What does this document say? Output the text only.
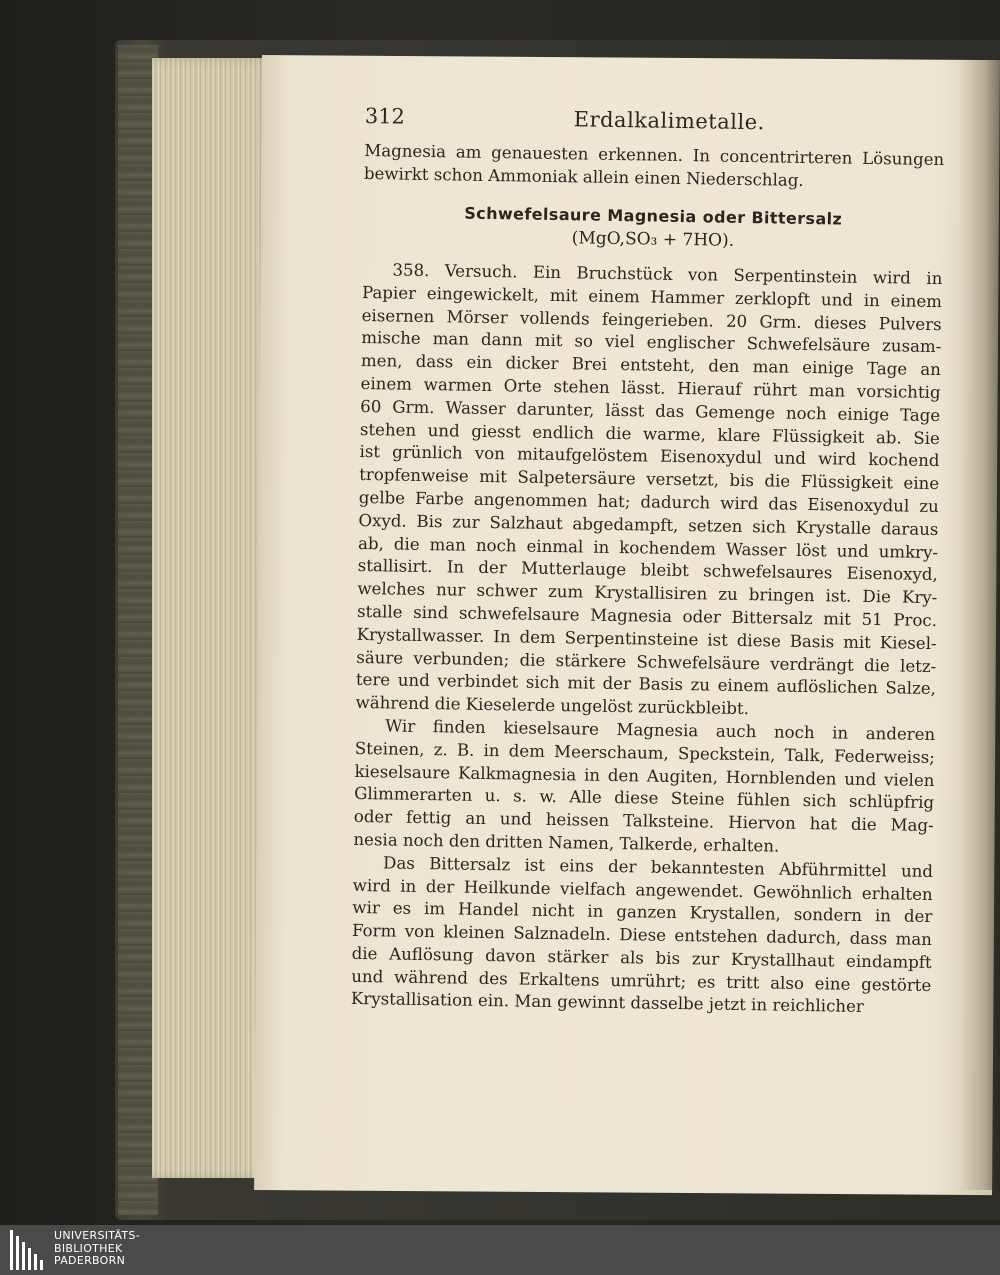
312	Erdalkalimetalle.
Magnesia am genauesten erkennen. In concentrirteren Lösungen
bewirkt schon Ammoniak allein einen Niederschlag.
Schwefelsaure Magnesia oder Bittersalz
(MgO,SO₃ + 7HO).
358. Versuch. Ein Bruchstück von Serpentinstein wird in
Papier eingewickelt, mit einem Hammer zerklopft und in einem
eisernen Mörser vollends feingerieben. 20 Grm. dieses Pulvers
mische man dann mit so viel englischer Schwefelsäure zusam-
men, dass ein dicker Brei entsteht, den man einige Tage an
einem warmen Orte stehen lässt. Hierauf rührt man vorsichtig
60 Grm. Wasser darunter, lässt das Gemenge noch einige Tage
stehen und giesst endlich die warme, klare Flüssigkeit ab. Sie
ist grünlich von mitaufgelöstem Eisenoxydul und wird kochend
tropfenweise mit Salpetersäure versetzt, bis die Flüssigkeit eine
gelbe Farbe angenommen hat; dadurch wird das Eisenoxydul zu
Oxyd. Bis zur Salzhaut abgedampft, setzen sich Krystalle daraus
ab, die man noch einmal in kochendem Wasser löst und umkry-
stallisirt. In der Mutterlauge bleibt schwefelsaures Eisenoxyd,
welches nur schwer zum Krystallisiren zu bringen ist. Die Kry-
stalle sind schwefelsaure Magnesia oder Bittersalz mit 51 Proc.
Krystallwasser. In dem Serpentinsteine ist diese Basis mit Kiesel-
säure verbunden; die stärkere Schwefelsäure verdrängt die letz-
tere und verbindet sich mit der Basis zu einem auflöslichen Salze,
während die Kieselerde ungelöst zurückbleibt.
Wir finden kieselsaure Magnesia auch noch in anderen
Steinen, z. B. in dem Meerschaum, Speckstein, Talk, Federweiss;
kieselsaure Kalkmagnesia in den Augiten, Hornblenden und vielen
Glimmerarten u. s. w. Alle diese Steine fühlen sich schlüpfrig
oder fettig an und heissen Talksteine. Hiervon hat die Mag-
nesia noch den dritten Namen, Talkerde, erhalten.
Das Bittersalz ist eins der bekanntesten Abführmittel und
wird in der Heilkunde vielfach angewendet. Gewöhnlich erhalten
wir es im Handel nicht in ganzen Krystallen, sondern in der
Form von kleinen Salznadeln. Diese entstehen dadurch, dass man
die Auflösung davon stärker als bis zur Krystallhaut eindampft
und während des Erkaltens umrührt; es tritt also eine gestörte
Krystallisation ein. Man gewinnt dasselbe jetzt in reichlicher
UNIVERSITÄTS-
BIBLIOTHEK
PADERBORN
